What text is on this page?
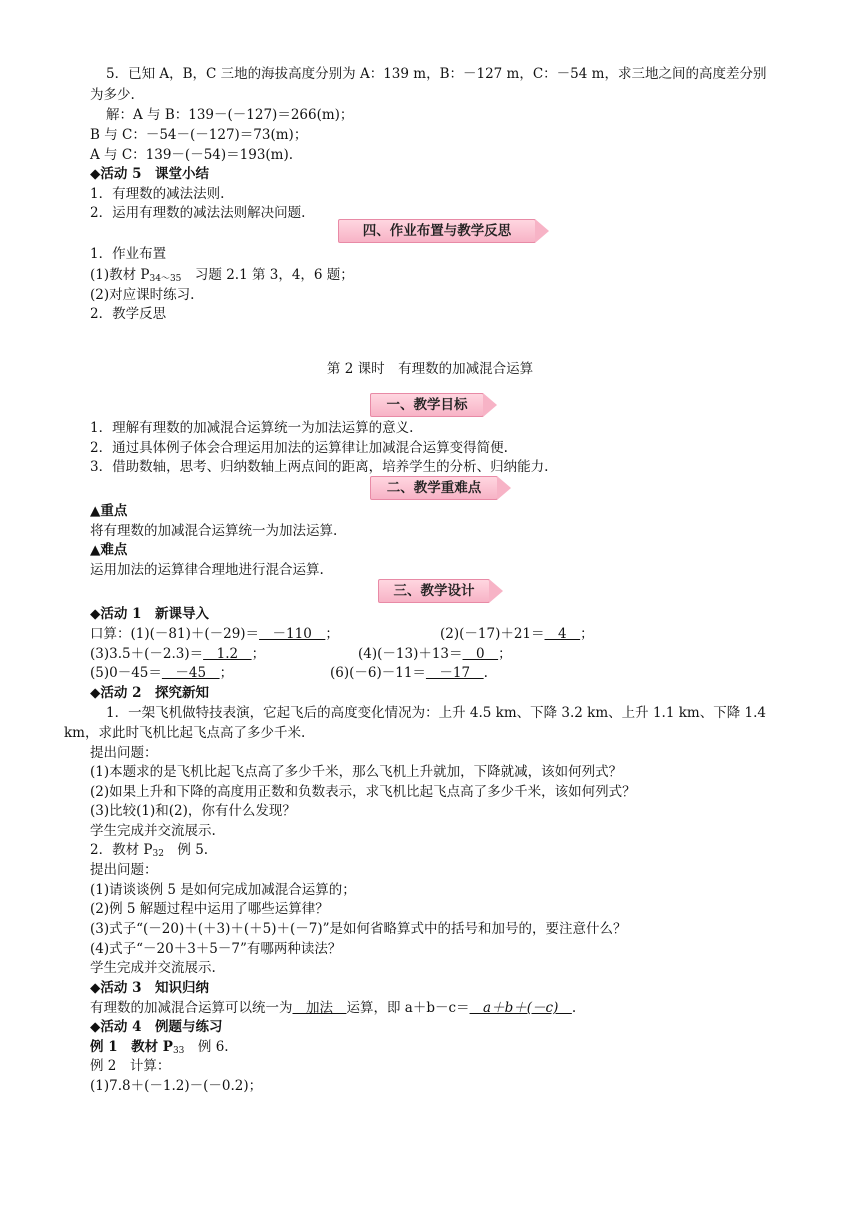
5．已知 A，B，C 三地的海拔高度分别为 A：139 m，B：－127 m，C：－54 m，求三地之间的高度差分别
为多少.
解：A 与 B：139－(－127)＝266(m)；
B 与 C：－54－(－127)＝73(m)；
A 与 C：139－(－54)＝193(m).
◆活动 5　课堂小结
1．有理数的减法法则.
2．运用有理数的减法法则解决问题.
四、作业布置与教学反思
1．作业布置
(1)教材 $P_{34\sim 35}$　习题 2.1 第 3，4，6 题；
(2)对应课时练习.
2．教学反思
第 2 课时　有理数的加减混合运算
一、教学目标
1．理解有理数的加减混合运算统一为加法运算的意义.
2．通过具体例子体会合理运用加法的运算律让加减混合运算变得简便.
3．借助数轴，思考、归纳数轴上两点间的距离，培养学生的分析、归纳能力.
二、教学重难点
▲重点
将有理数的加减混合运算统一为加法运算.
▲难点
运用加法的运算律合理地进行混合运算.
三、教学设计
◆活动 1　新课导入
口算：(1)(－81)＋(－29)＝　－110　；	(2)(－17)＋21＝　4　；
(3)3.5＋(－2.3)＝　1.2　；	(4)(－13)＋13＝　0　；
(5)0－45＝　－45　；	(6)(－6)－11＝　－17　.
◆活动 2　探究新知
1．一架飞机做特技表演，它起飞后的高度变化情况为：上升 4.5 km、下降 3.2 km、上升 1.1 km、下降 1.4
km，求此时飞机比起飞点高了多少千米.
提出问题：
(1)本题求的是飞机比起飞点高了多少千米，那么飞机上升就加，下降就减，该如何列式？
(2)如果上升和下降的高度用正数和负数表示，求飞机比起飞点高了多少千米，该如何列式？
(3)比较(1)和(2)，你有什么发现？
学生完成并交流展示.
2．教材 $P_{32}$　例 5.
提出问题：
(1)请谈谈例 5 是如何完成加减混合运算的；
(2)例 5 解题过程中运用了哪些运算律？
(3)式子“(－20)＋(＋3)＋(＋5)＋(－7)”是如何省略算式中的括号和加号的，要注意什么？
(4)式子“－20＋3＋5－7”有哪两种读法？
学生完成并交流展示.
◆活动 3　知识归纳
有理数的加减混合运算可以统一为　加法　运算，即 a＋b－c＝　a＋b＋(－c)　.
◆活动 4　例题与练习
例 1　教材 $P_{33}$　例 6.
例 2　计算：
(1)7.8＋(－1.2)－(－0.2)；
